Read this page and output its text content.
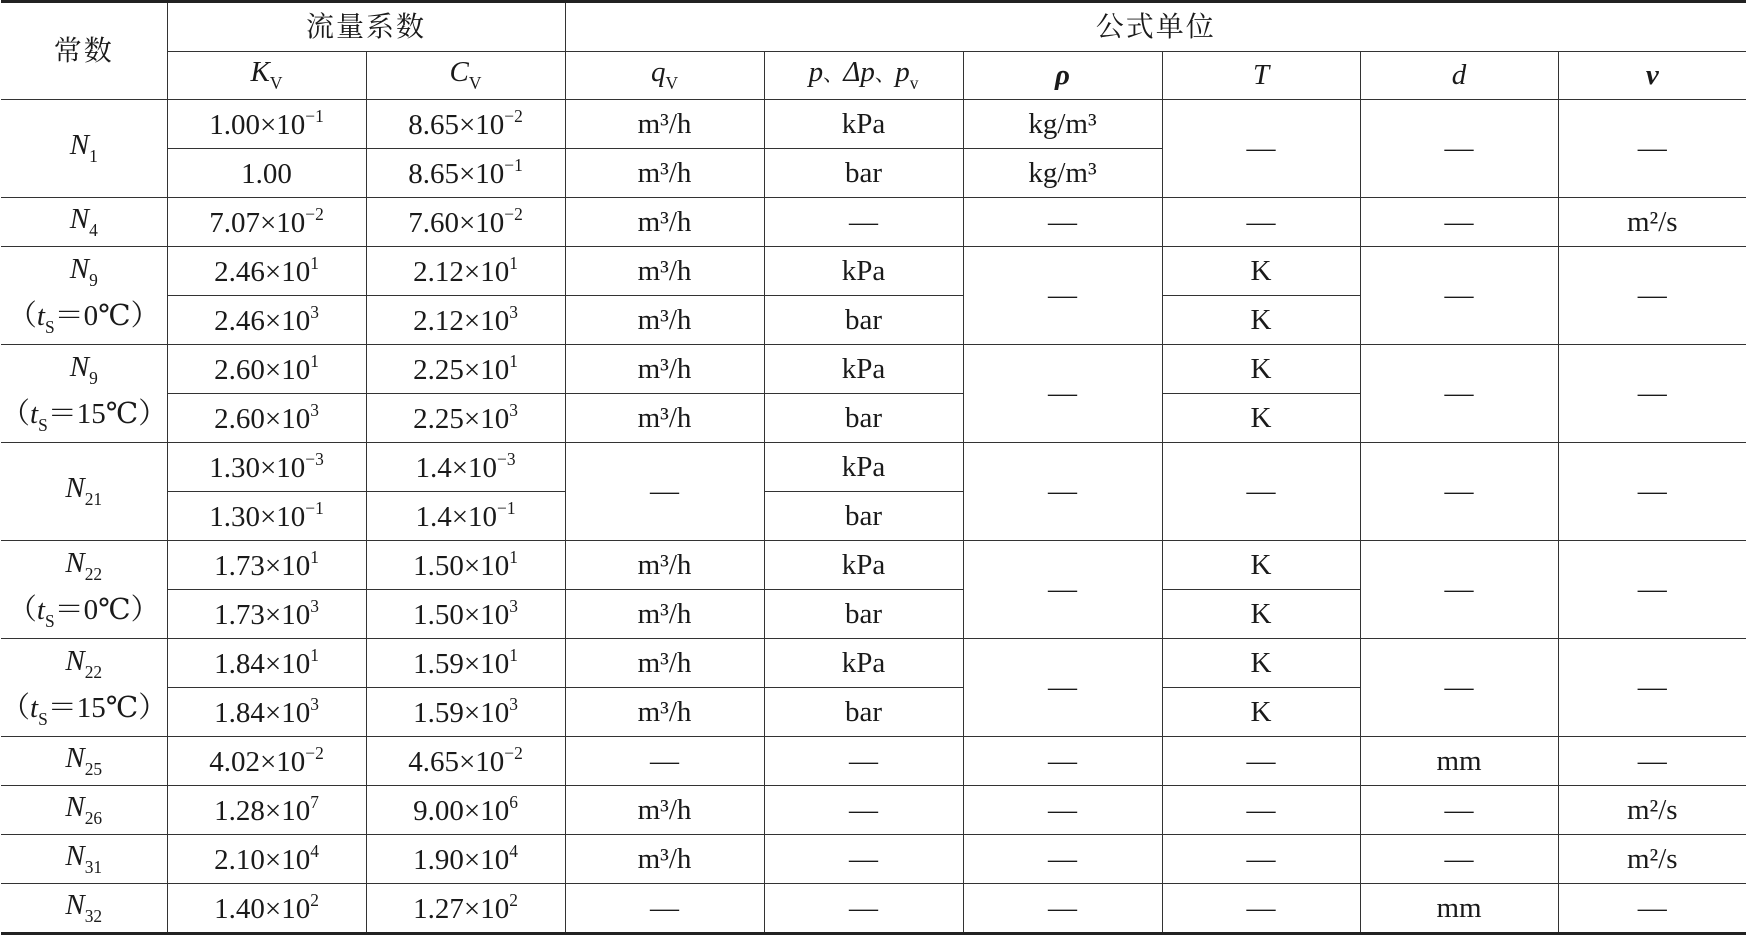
常数	流量系数		公式单位					
	$K_V$	$C_V$	$q_V$	p、Δp、$p_v$	ρ	T	d	ν
$N_1$	$1.00\times 10^{-1}$	$8.65\times 10^{-2}$	m³/h	kPa	kg/m³	—	—	—
	1.00	$8.65\times 10^{-1}$	m³/h	bar	kg/m³			
$N_4$	$7.07\times 10^{-2}$	$7.60\times 10^{-2}$	m³/h	—	—	—	—	m²/s
$N_9$
$(t_S=0℃)$	$2.46\times 10^1$	$2.12\times 10^1$	m³/h	kPa	—	K	—	—
	$2.46\times 10^3$	$2.12\times 10^3$	m³/h	bar		K		
$N_9$
$(t_S=15℃)$	$2.60\times 10^1$	$2.25\times 10^1$	m³/h	kPa	—	K	—	—
	$2.60\times 10^3$	$2.25\times 10^3$	m³/h	bar		K		
$N_{21}$	$1.30\times 10^{-3}$	$1.4\times 10^{-3}$	—	kPa	—	—	—	—
	$1.30\times 10^{-1}$	$1.4\times 10^{-1}$		bar				
$N_{22}$
$(t_S=0℃)$	$1.73\times 10^1$	$1.50\times 10^1$	m³/h	kPa	—	K	—	—
	$1.73\times 10^3$	$1.50\times 10^3$	m³/h	bar		K		
$N_{22}$
$(t_S=15℃)$	$1.84\times 10^1$	$1.59\times 10^1$	m³/h	kPa	—	K	—	—
	$1.84\times 10^3$	$1.59\times 10^3$	m³/h	bar		K		
$N_{25}$	$4.02\times 10^{-2}$	$4.65\times 10^{-2}$	—	—	—	—	mm	—
$N_{26}$	$1.28\times 10^7$	$9.00\times 10^6$	m³/h	—	—	—	—	m²/s
$N_{31}$	$2.10\times 10^4$	$1.90\times 10^4$	m³/h	—	—	—	—	m²/s
$N_{32}$	$1.40\times 10^2$	$1.27\times 10^2$	—	—	—	—	mm	—
